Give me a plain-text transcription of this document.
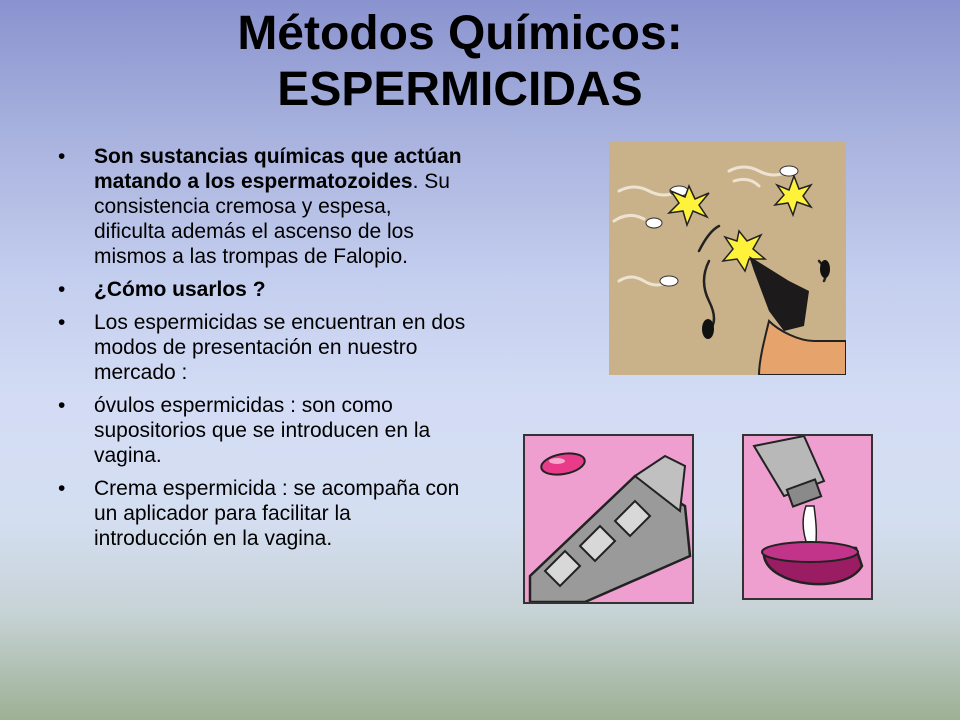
Métodos Químicos:
ESPERMICIDAS
• Son sustancias químicas que actúan matando a los espermatozoides. Su consistencia cremosa y espesa, dificulta además el ascenso de los mismos a las trompas de Falopio.
• ¿Cómo usarlos ?
• Los espermicidas se encuentran en dos modos de presentación en nuestro mercado :
• óvulos espermicidas : son como supositorios que se introducen en la vagina.
• Crema espermicida : se acompaña con un aplicador para facilitar la introducción en la vagina.
